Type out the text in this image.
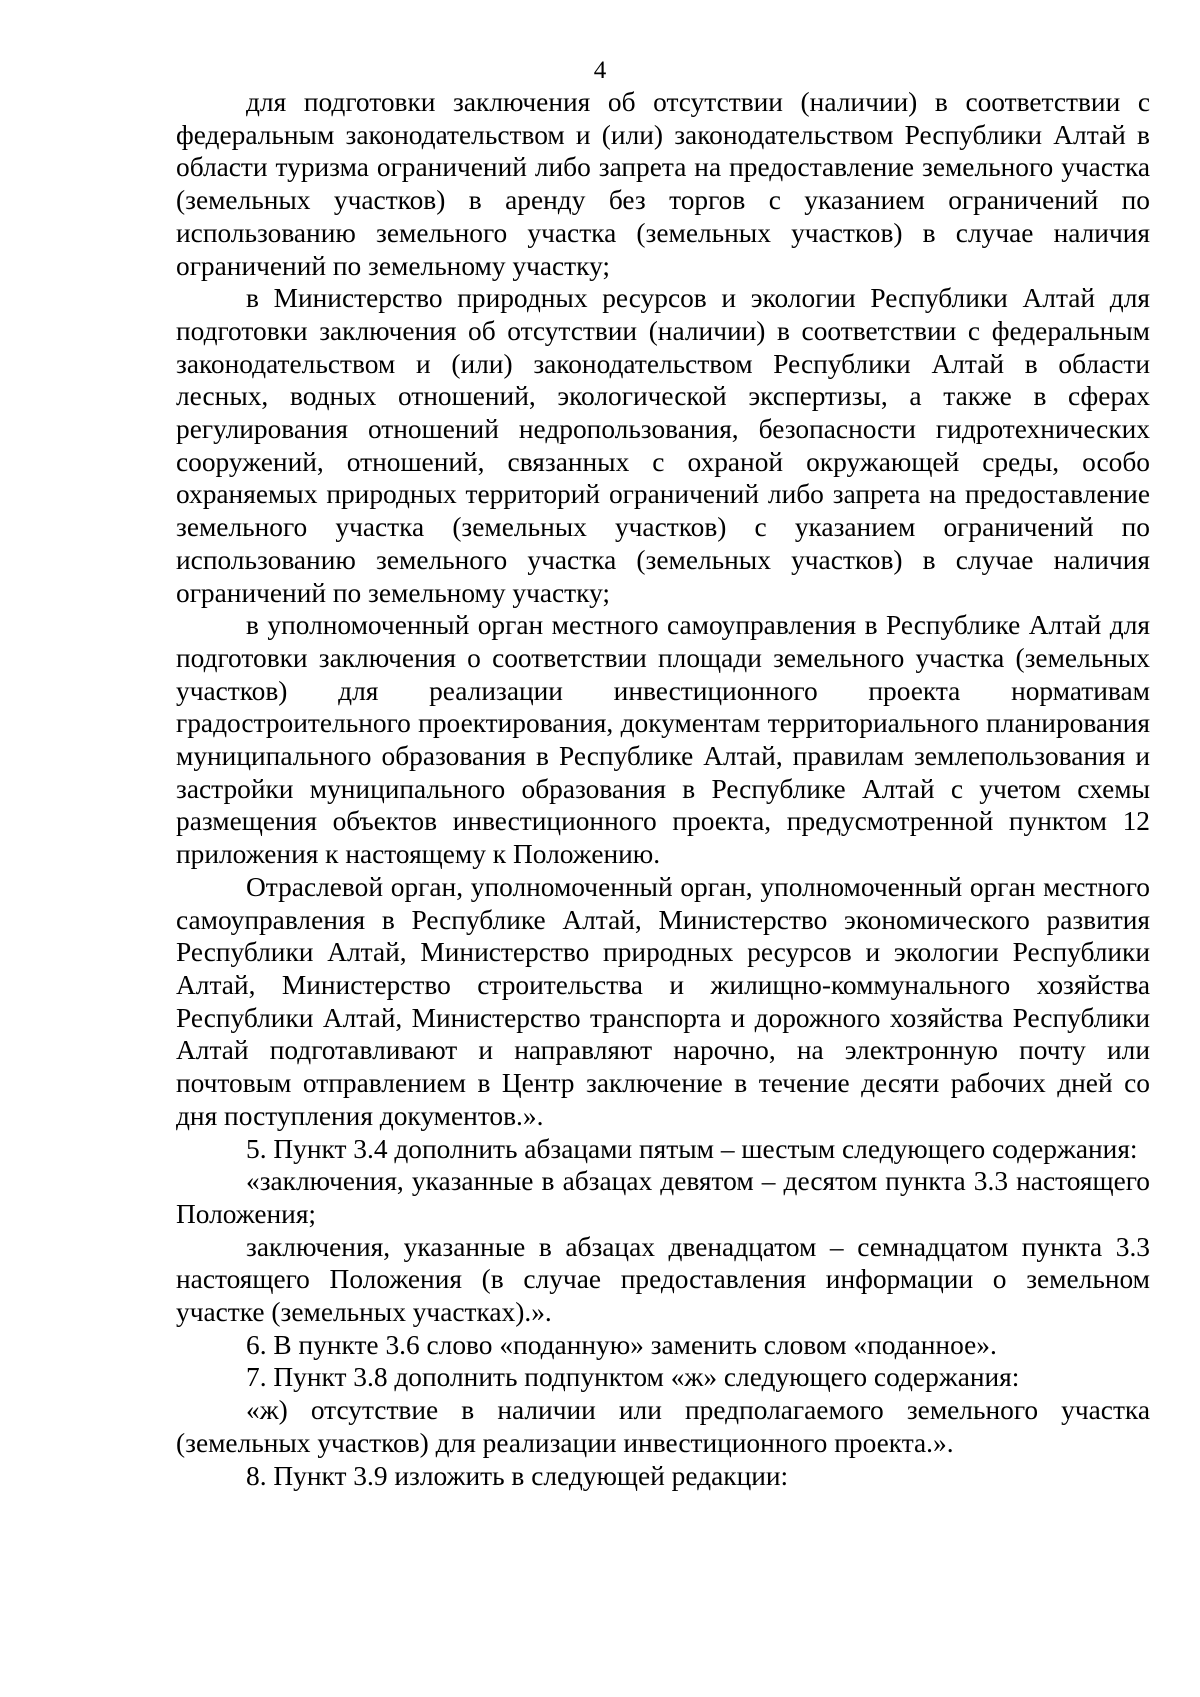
4

для подготовки заключения об отсутствии (наличии) в соответствии с федеральным законодательством и (или) законодательством Республики Алтай в области туризма ограничений либо запрета на предоставление земельного участка (земельных участков) в аренду без торгов с указанием ограничений по использованию земельного участка (земельных участков) в случае наличия ограничений по земельному участку;

в Министерство природных ресурсов и экологии Республики Алтай для подготовки заключения об отсутствии (наличии) в соответствии с федеральным законодательством и (или) законодательством Республики Алтай в области лесных, водных отношений, экологической экспертизы, а также в сферах регулирования отношений недропользования, безопасности гидротехнических сооружений, отношений, связанных с охраной окружающей среды, особо охраняемых природных территорий ограничений либо запрета на предоставление земельного участка (земельных участков) с указанием ограничений по использованию земельного участка (земельных участков) в случае наличия ограничений по земельному участку;

в уполномоченный орган местного самоуправления в Республике Алтай для подготовки заключения о соответствии площади земельного участка (земельных участков) для реализации инвестиционного проекта нормативам градостроительного проектирования, документам территориального планирования муниципального образования в Республике Алтай, правилам землепользования и застройки муниципального образования в Республике Алтай с учетом схемы размещения объектов инвестиционного проекта, предусмотренной пунктом 12 приложения к настоящему к Положению.

Отраслевой орган, уполномоченный орган, уполномоченный орган местного самоуправления в Республике Алтай, Министерство экономического развития Республики Алтай, Министерство природных ресурсов и экологии Республики Алтай, Министерство строительства и жилищно-коммунального хозяйства Республики Алтай, Министерство транспорта и дорожного хозяйства Республики Алтай подготавливают и направляют нарочно, на электронную почту или почтовым отправлением в Центр заключение в течение десяти рабочих дней со дня поступления документов.».

5. Пункт 3.4 дополнить абзацами пятым – шестым следующего содержания:

«заключения, указанные в абзацах девятом – десятом пункта 3.3 настоящего Положения;

заключения, указанные в абзацах двенадцатом – семнадцатом пункта 3.3 настоящего Положения (в случае предоставления информации о земельном участке (земельных участках).».

6. В пункте 3.6 слово «поданную» заменить словом «поданное».

7. Пункт 3.8 дополнить подпунктом «ж» следующего содержания:

«ж) отсутствие в наличии или предполагаемого земельного участка (земельных участков) для реализации инвестиционного проекта.».

8. Пункт 3.9 изложить в следующей редакции:
